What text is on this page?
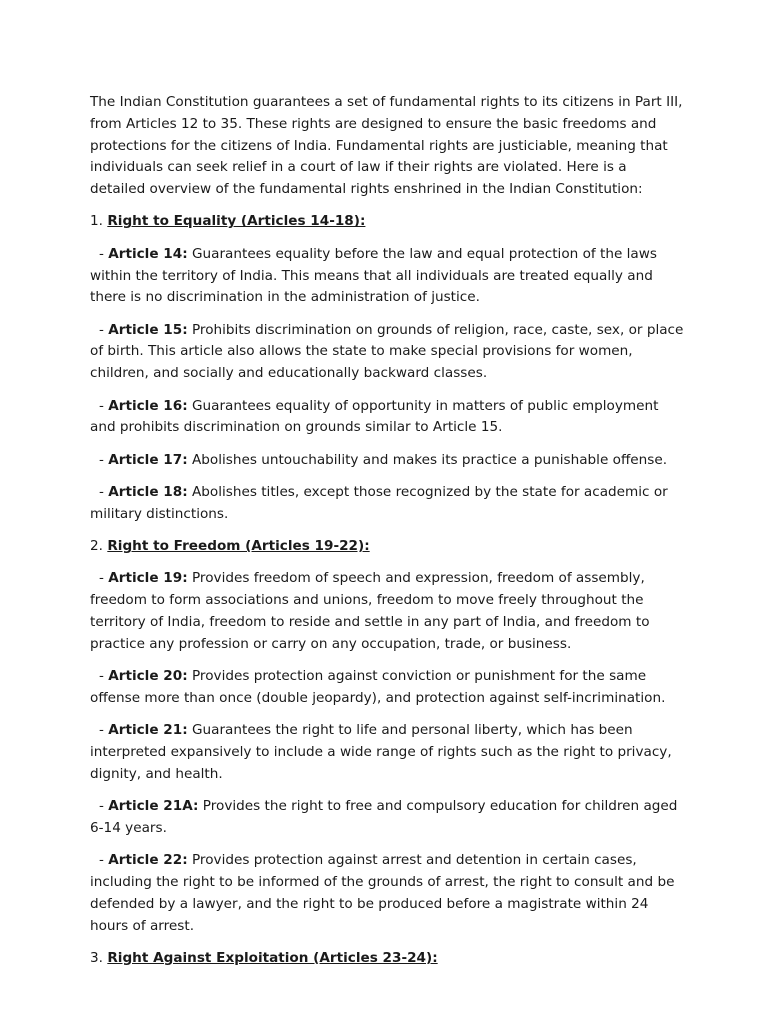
The Indian Constitution guarantees a set of fundamental rights to its citizens in Part III, from Articles 12 to 35. These rights are designed to ensure the basic freedoms and protections for the citizens of India. Fundamental rights are justiciable, meaning that individuals can seek relief in a court of law if their rights are violated. Here is a detailed overview of the fundamental rights enshrined in the Indian Constitution:

1. Right to Equality (Articles 14-18):

- Article 14: Guarantees equality before the law and equal protection of the laws within the territory of India. This means that all individuals are treated equally and there is no discrimination in the administration of justice.

- Article 15: Prohibits discrimination on grounds of religion, race, caste, sex, or place of birth. This article also allows the state to make special provisions for women, children, and socially and educationally backward classes.

- Article 16: Guarantees equality of opportunity in matters of public employment and prohibits discrimination on grounds similar to Article 15.

- Article 17: Abolishes untouchability and makes its practice a punishable offense.

- Article 18: Abolishes titles, except those recognized by the state for academic or military distinctions.

2. Right to Freedom (Articles 19-22):

- Article 19: Provides freedom of speech and expression, freedom of assembly, freedom to form associations and unions, freedom to move freely throughout the territory of India, freedom to reside and settle in any part of India, and freedom to practice any profession or carry on any occupation, trade, or business.

- Article 20: Provides protection against conviction or punishment for the same offense more than once (double jeopardy), and protection against self-incrimination.

- Article 21: Guarantees the right to life and personal liberty, which has been interpreted expansively to include a wide range of rights such as the right to privacy, dignity, and health.

- Article 21A: Provides the right to free and compulsory education for children aged 6-14 years.

- Article 22: Provides protection against arrest and detention in certain cases, including the right to be informed of the grounds of arrest, the right to consult and be defended by a lawyer, and the right to be produced before a magistrate within 24 hours of arrest.

3. Right Against Exploitation (Articles 23-24):
